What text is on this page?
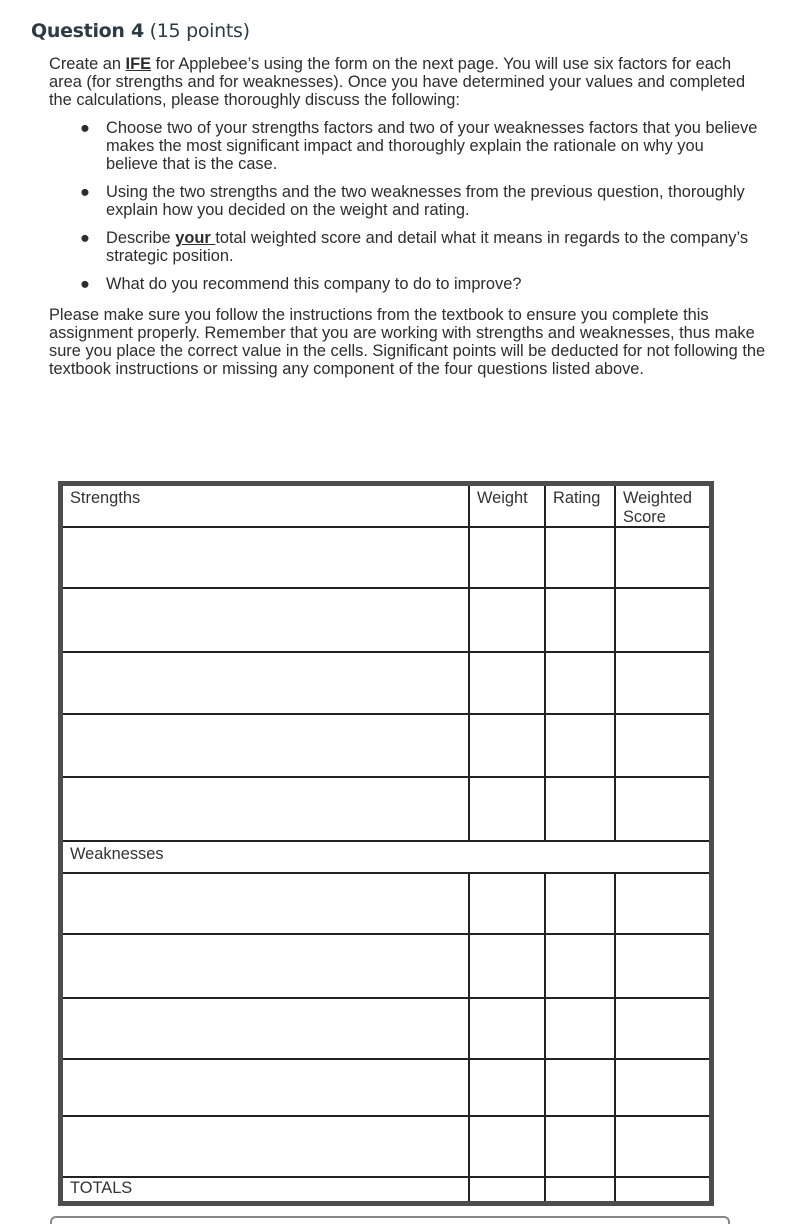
Question 4 (15 points)
Create an IFE for Applebee’s using the form on the next page. You will use six factors for each area (for strengths and for weaknesses). Once you have determined your values and completed the calculations, please thoroughly discuss the following:
● Choose two of your strengths factors and two of your weaknesses factors that you believe makes the most significant impact and thoroughly explain the rationale on why you believe that is the case.
● Using the two strengths and the two weaknesses from the previous question, thoroughly explain how you decided on the weight and rating.
● Describe your total weighted score and detail what it means in regards to the company’s strategic position.
● What do you recommend this company to do to improve?
Please make sure you follow the instructions from the textbook to ensure you complete this assignment properly. Remember that you are working with strengths and weaknesses, thus make sure you place the correct value in the cells. Significant points will be deducted for not following the textbook instructions or missing any component of the four questions listed above.
Strengths	Weight	Rating	Weighted Score
Weaknesses
TOTALS
